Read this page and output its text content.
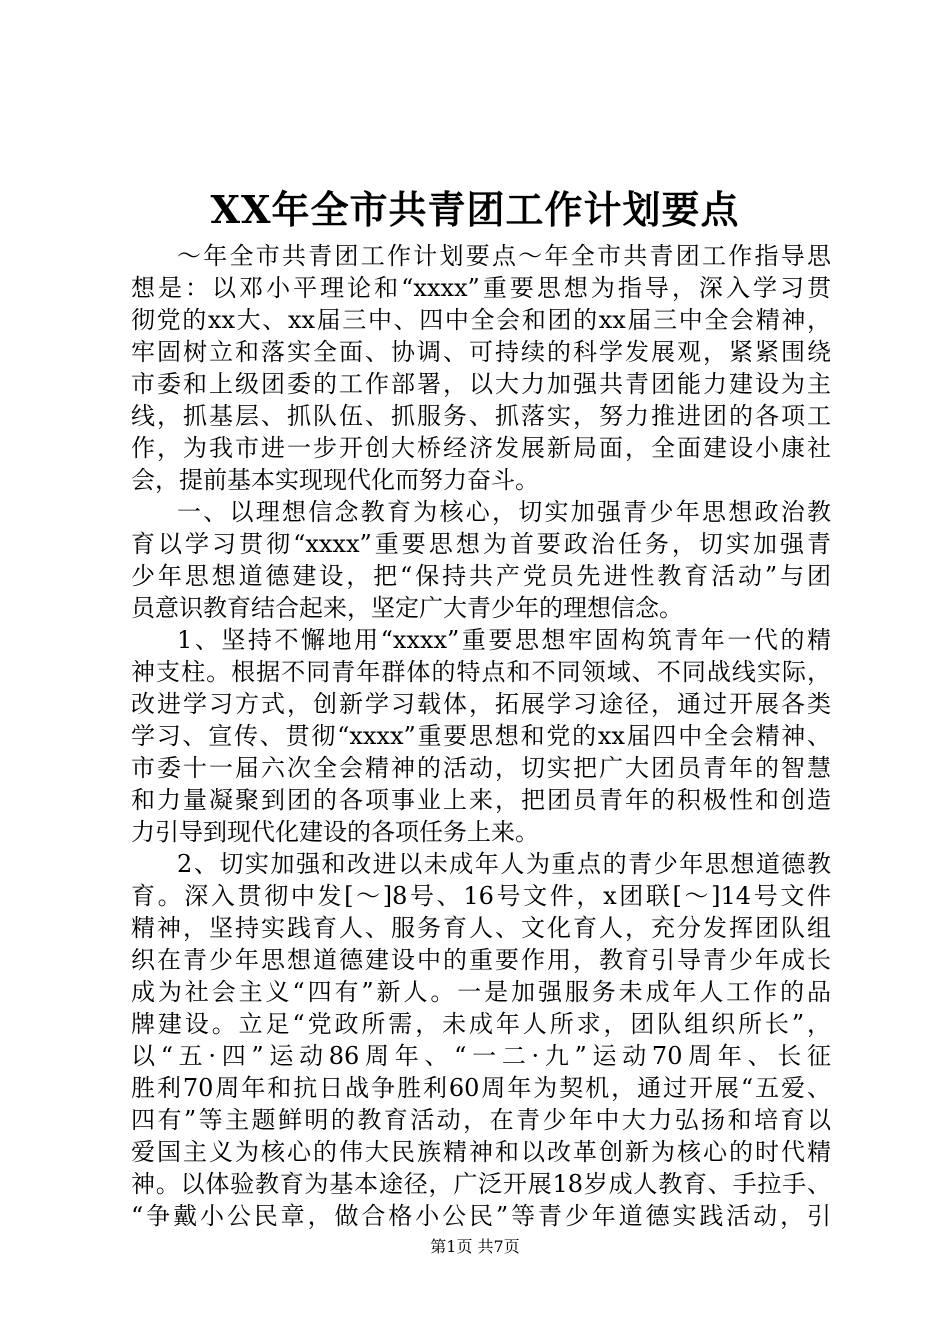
XX年全市共青团工作计划要点
～年全市共青团工作计划要点～年全市共青团工作指导思
想是：以邓小平理论和“xxxx”重要思想为指导，深入学习贯
彻党的xx大、xx届三中、四中全会和团的xx届三中全会精神，
牢固树立和落实全面、协调、可持续的科学发展观，紧紧围绕
市委和上级团委的工作部署，以大力加强共青团能力建设为主
线，抓基层、抓队伍、抓服务、抓落实，努力推进团的各项工
作，为我市进一步开创大桥经济发展新局面，全面建设小康社
会，提前基本实现现代化而努力奋斗。
一、以理想信念教育为核心，切实加强青少年思想政治教
育以学习贯彻“xxxx”重要思想为首要政治任务，切实加强青
少年思想道德建设，把“保持共产党员先进性教育活动”与团
员意识教育结合起来，坚定广大青少年的理想信念。
1、坚持不懈地用“xxxx”重要思想牢固构筑青年一代的精
神支柱。根据不同青年群体的特点和不同领域、不同战线实际，
改进学习方式，创新学习载体，拓展学习途径，通过开展各类
学习、宣传、贯彻“xxxx”重要思想和党的xx届四中全会精神、
市委十一届六次全会精神的活动，切实把广大团员青年的智慧
和力量凝聚到团的各项事业上来，把团员青年的积极性和创造
力引导到现代化建设的各项任务上来。
2、切实加强和改进以未成年人为重点的青少年思想道德教
育。深入贯彻中发[～]8号、16号文件，x团联[～]14号文件
精神，坚持实践育人、服务育人、文化育人，充分发挥团队组
织在青少年思想道德建设中的重要作用，教育引导青少年成长
成为社会主义“四有”新人。一是加强服务未成年人工作的品
牌建设。立足“党政所需，未成年人所求，团队组织所长”，
以“五·四”运动86周年、“一二·九”运动70周年、长征
胜利70周年和抗日战争胜利60周年为契机，通过开展“五爱、
四有”等主题鲜明的教育活动，在青少年中大力弘扬和培育以
爱国主义为核心的伟大民族精神和以改革创新为核心的时代精
神。以体验教育为基本途径，广泛开展18岁成人教育、手拉手、
“争戴小公民章，做合格小公民”等青少年道德实践活动，引
第1页 共7页
